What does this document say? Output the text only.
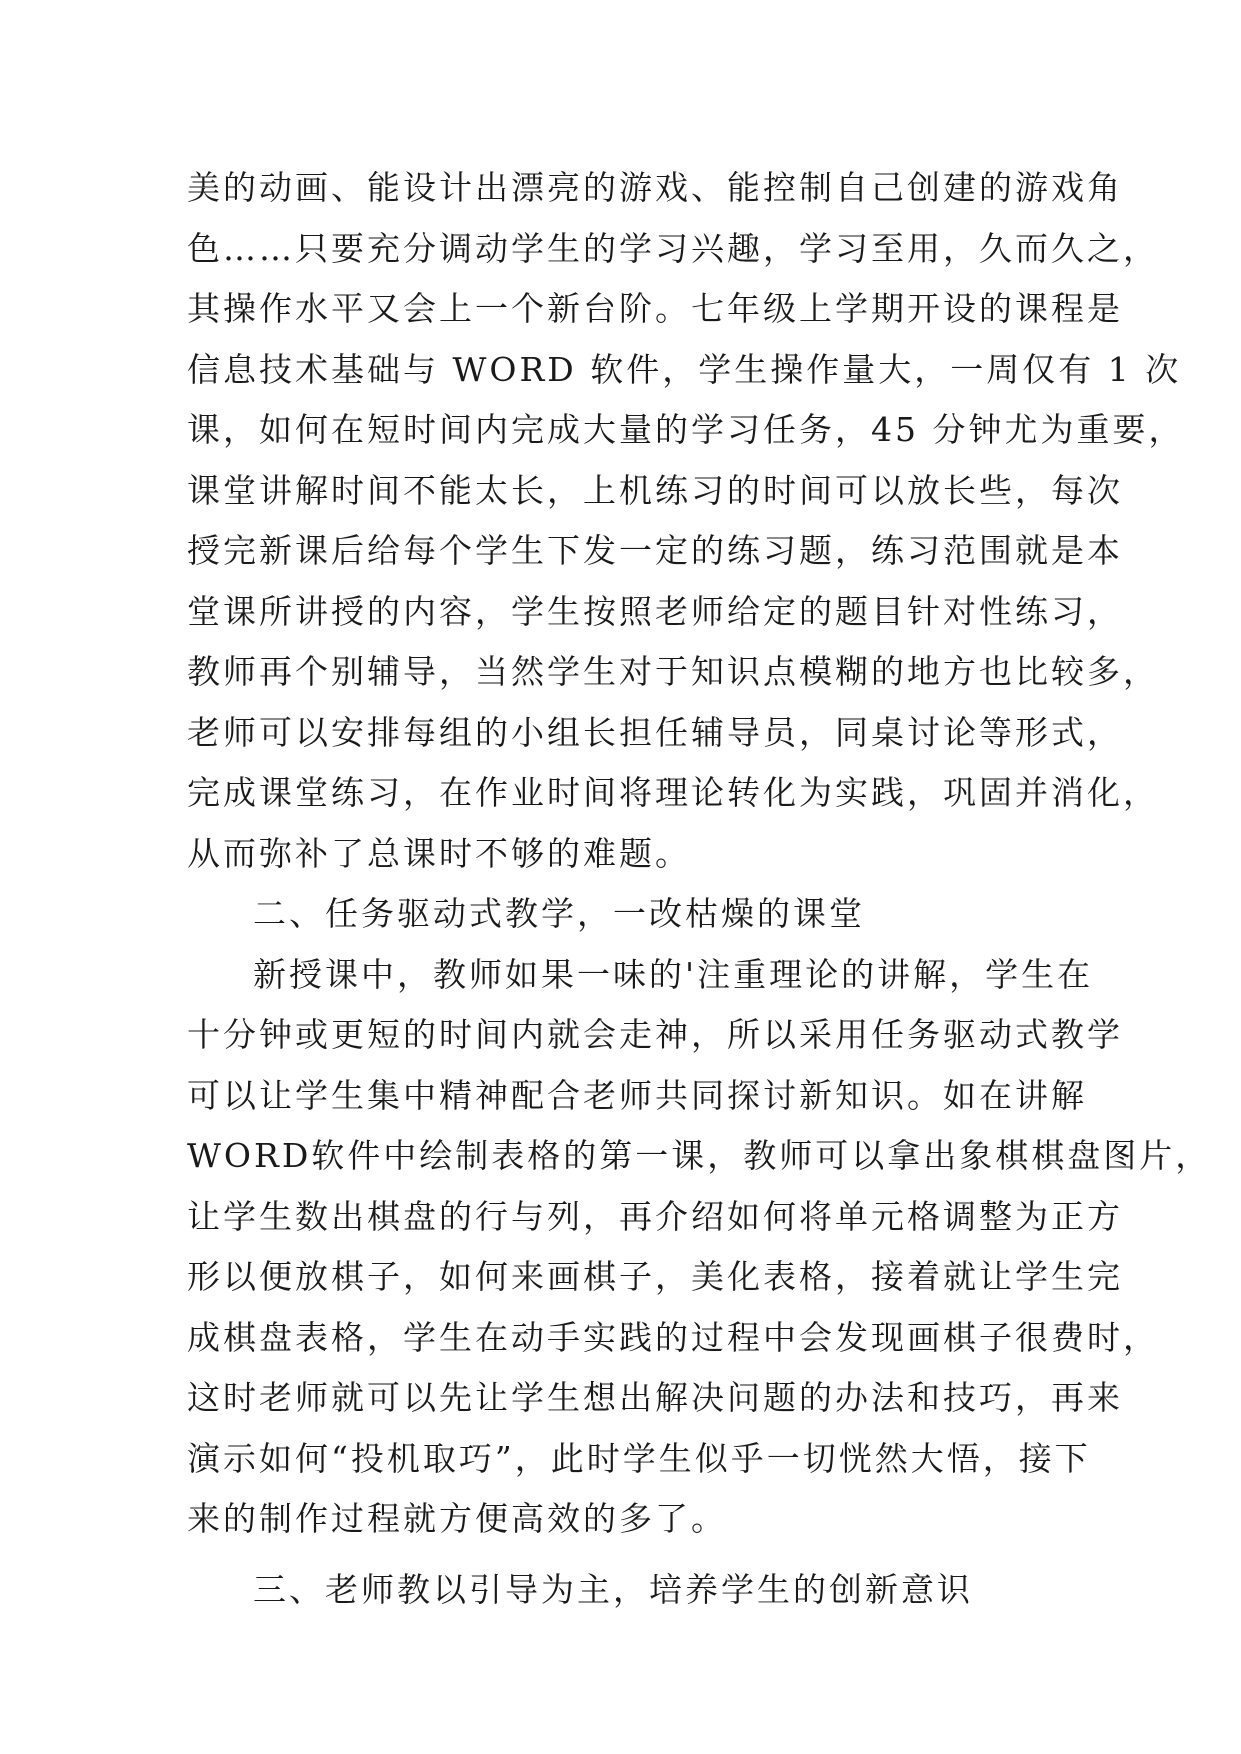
美的动画、能设计出漂亮的游戏、能控制自己创建的游戏角
色……只要充分调动学生的学习兴趣，学习至用，久而久之，
其操作水平又会上一个新台阶。七年级上学期开设的课程是
信息技术基础与 WORD 软件，学生操作量大，一周仅有 1 次
课，如何在短时间内完成大量的学习任务，45 分钟尤为重要，
课堂讲解时间不能太长，上机练习的时间可以放长些，每次
授完新课后给每个学生下发一定的练习题，练习范围就是本
堂课所讲授的内容，学生按照老师给定的题目针对性练习，
教师再个别辅导，当然学生对于知识点模糊的地方也比较多，
老师可以安排每组的小组长担任辅导员，同桌讨论等形式，
完成课堂练习，在作业时间将理论转化为实践，巩固并消化，
从而弥补了总课时不够的难题。
二、任务驱动式教学，一改枯燥的课堂
新授课中，教师如果一味的'注重理论的讲解，学生在
十分钟或更短的时间内就会走神，所以采用任务驱动式教学
可以让学生集中精神配合老师共同探讨新知识。如在讲解
WORD软件中绘制表格的第一课，教师可以拿出象棋棋盘图片，
让学生数出棋盘的行与列，再介绍如何将单元格调整为正方
形以便放棋子，如何来画棋子，美化表格，接着就让学生完
成棋盘表格，学生在动手实践的过程中会发现画棋子很费时，
这时老师就可以先让学生想出解决问题的办法和技巧，再来
演示如何“投机取巧”，此时学生似乎一切恍然大悟，接下
来的制作过程就方便高效的多了。
三、老师教以引导为主，培养学生的创新意识
